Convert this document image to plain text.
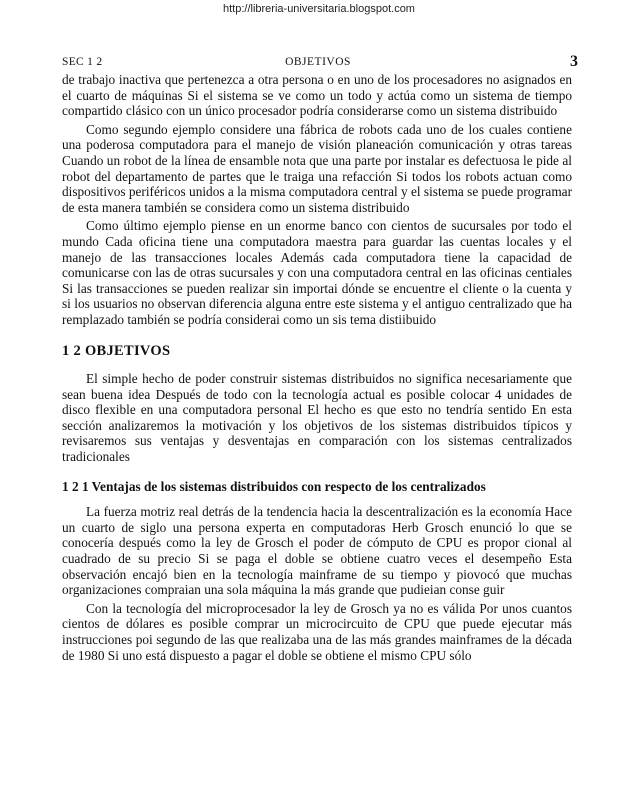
http://libreria-universitaria.blogspot.com
SEC 1 2	OBJETIVOS	3

de trabajo inactiva que pertenezca a otra persona o en uno de los procesadores no asignados en el cuarto de máquinas Si el sistema se ve como un todo y actúa como un sistema de tiempo compartido clásico con un único procesador podría considerarse como un sistema distribuido

Como segundo ejemplo considere una fábrica de robots cada uno de los cuales contiene una poderosa computadora para el manejo de visión planeación comunicación y otras tareas Cuando un robot de la línea de ensamble nota que una parte por instalar es defectuosa le pide al robot del departamento de partes que le traiga una refacción Si todos los robots actuan como dispositivos periféricos unidos a la misma computadora central y el sistema se puede programar de esta manera también se considera como un sistema distribuido

Como último ejemplo piense en un enorme banco con cientos de sucursales por todo el mundo Cada oficina tiene una computadora maestra para guardar las cuentas locales y el manejo de las transacciones locales Además cada computadora tiene la capacidad de comunicarse con las de otras sucursales y con una computadora central en las oficinas centiales Si las transacciones se pueden realizar sin importai dónde se encuentre el cliente o la cuenta y si los usuarios no observan diferencia alguna entre este sistema y el antiguo centralizado que ha remplazado también se podría considerai como un sis tema distiibuido

1 2 OBJETIVOS

El simple hecho de poder construir sistemas distribuidos no significa necesariamente que sean buena idea Después de todo con la tecnología actual es posible colocar 4 unidades de disco flexible en una computadora personal El hecho es que esto no tendría sentido En esta sección analizaremos la motivación y los objetivos de los sistemas distribuidos típicos y revisaremos sus ventajas y desventajas en comparación con los sistemas centralizados tradicionales

1 2 1 Ventajas de los sistemas distribuidos con respecto de los centralizados

La fuerza motriz real detrás de la tendencia hacia la descentralización es la economía Hace un cuarto de siglo una persona experta en computadoras Herb Grosch enunció lo que se conocería después como la ley de Grosch el poder de cómputo de CPU es propor cional al cuadrado de su precio Si se paga el doble se obtiene cuatro veces el desempeño Esta observación encajó bien en la tecnología mainframe de su tiempo y piovocó que muchas organizaciones compraian una sola máquina la más grande que pudieian conse guir

Con la tecnología del microprocesador la ley de Grosch ya no es válida Por unos cuantos cientos de dólares es posible comprar un microcircuito de CPU que puede ejecutar más instrucciones poi segundo de las que realizaba una de las más grandes mainframes de la década de 1980 Si uno está dispuesto a pagar el doble se obtiene el mismo CPU sólo
